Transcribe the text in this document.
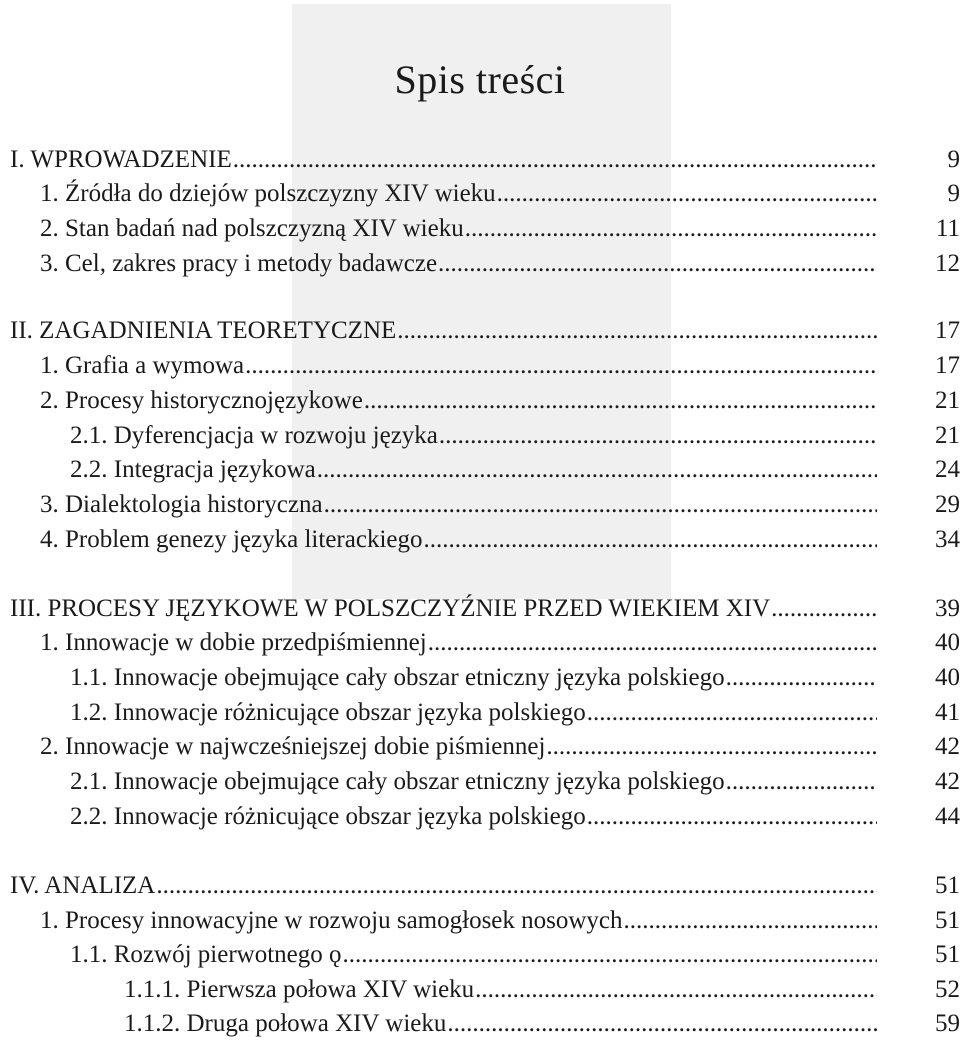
Spis treści
I. WPROWADZENIE .....	9
1. Źródła do dziejów polszczyzny XIV wieku .....	9
2. Stan badań nad polszczyzną XIV wieku .....	11
3. Cel, zakres pracy i metody badawcze .....	12
II. ZAGADNIENIA TEORETYCZNE .....	17
1. Grafia a wymowa .....	17
2. Procesy historycznojęzykowe .....	21
2.1. Dyferencjacja w rozwoju języka .....	21
2.2. Integracja językowa .....	24
3. Dialektologia historyczna .....	29
4. Problem genezy języka literackiego .....	34
III. PROCESY JĘZYKOWE W POLSZCZYŹNIE PRZED WIEKIEM XIV .....	39
1. Innowacje w dobie przedpiśmiennej .....	40
1.1. Innowacje obejmujące cały obszar etniczny języka polskiego .....	40
1.2. Innowacje różnicujące obszar języka polskiego .....	41
2. Innowacje w najwcześniejszej dobie piśmiennej .....	42
2.1. Innowacje obejmujące cały obszar etniczny języka polskiego .....	42
2.2. Innowacje różnicujące obszar języka polskiego .....	44
IV. ANALIZA .....	51
1. Procesy innowacyjne w rozwoju samogłosek nosowych .....	51
1.1. Rozwój pierwotnego ǫ .....	51
1.1.1. Pierwsza połowa XIV wieku .....	52
1.1.2. Druga połowa XIV wieku .....	59
